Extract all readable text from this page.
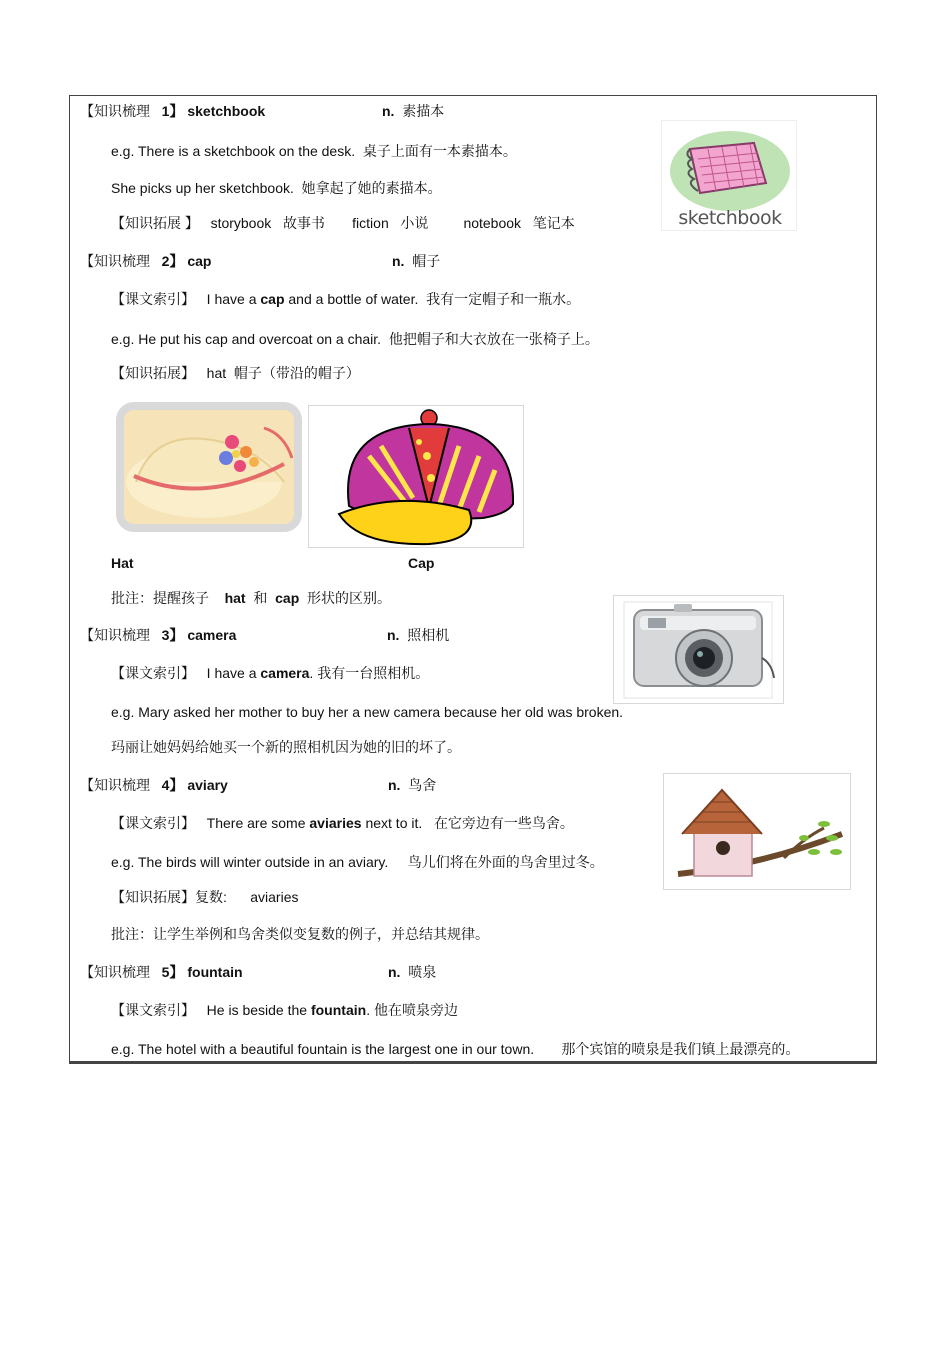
【知识梳理 1】 sketchbook	n. 素描本
e.g. There is a sketchbook on the desk. 桌子上面有一本素描本。
She picks up her sketchbook. 她拿起了她的素描本。
【知识拓展 】 storybook 故事书 fiction 小说	notebook 笔记本	sketchbook
【知识梳理 2】 cap	n. 帽子
【课文索引】 I have a cap and a bottle of water. 我有一定帽子和一瓶水。
e.g. He put his cap and overcoat on a chair. 他把帽子和大衣放在一张椅子上。
【知识拓展】 hat 帽子（带沿的帽子）
Hat	Cap
批注：提醒孩子 hat 和 cap 形状的区别。
【知识梳理 3】 camera	n. 照相机
【课文索引】 I have a camera. 我有一台照相机。
e.g. Mary asked her mother to buy her a new camera because her old was broken.
玛丽让她妈妈给她买一个新的照相机因为她的旧的坏了。
【知识梳理 4】 aviary	n. 鸟舍
【课文索引】 There are some aviaries next to it. 在它旁边有一些鸟舍。
e.g. The birds will winter outside in an aviary. 鸟儿们将在外面的鸟舍里过冬。
【知识拓展】复数: aviaries
批注：让学生举例和鸟舍类似变复数的例子，并总结其规律。
【知识梳理 5】 fountain	n. 喷泉
【课文索引】 He is beside the fountain. 他在喷泉旁边
e.g. The hotel with a beautiful fountain is the largest one in our town. 那个宾馆的喷泉是我们镇上最漂亮的。
